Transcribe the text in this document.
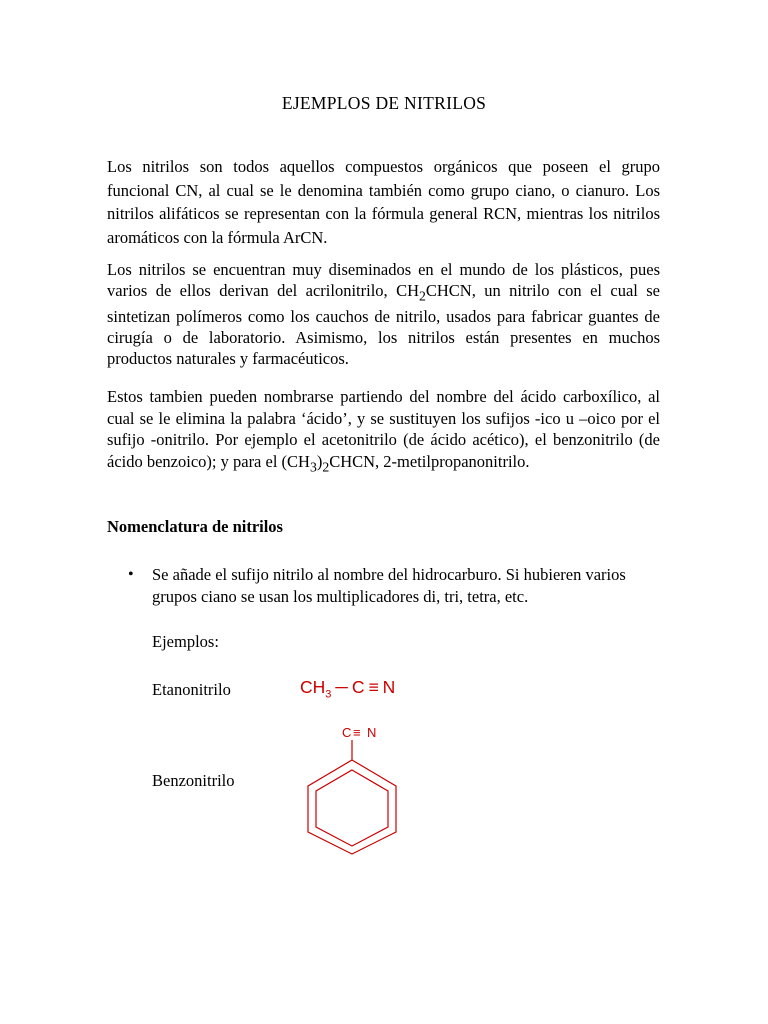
EJEMPLOS DE NITRILOS

Los nitrilos son todos aquellos compuestos orgánicos que poseen el grupo funcional CN, al cual se le denomina también como grupo ciano, o cianuro. Los nitrilos alifáticos se representan con la fórmula general RCN, mientras los nitrilos aromáticos con la fórmula ArCN.

Los nitrilos se encuentran muy diseminados en el mundo de los plásticos, pues varios de ellos derivan del acrilonitrilo, $CH_2CHCN$, un nitrilo con el cual se sintetizan polímeros como los cauchos de nitrilo, usados para fabricar guantes de cirugía o de laboratorio. Asimismo, los nitrilos están presentes en muchos productos naturales y farmacéuticos.

Estos tambien pueden nombrarse partiendo del nombre del ácido carboxílico, al cual se le elimina la palabra ‘ácido’, y se sustituyen los sufijos -ico u –oico por el sufijo -onitrilo. Por ejemplo el acetonitrilo (de ácido acético), el benzonitrilo (de ácido benzoico); y para el $(CH_3)_2CHCN$, 2-metilpropanonitrilo.

Nomenclatura de nitrilos
• Se añade el sufijo nitrilo al nombre del hidrocarburo. Si hubieren varios grupos ciano se usan los multiplicadores di, tri, tetra, etc.

Ejemplos:
Etanonitrilo	$CH_3$ ─ C ≡ N
Benzonitrilo
C ≡ N
